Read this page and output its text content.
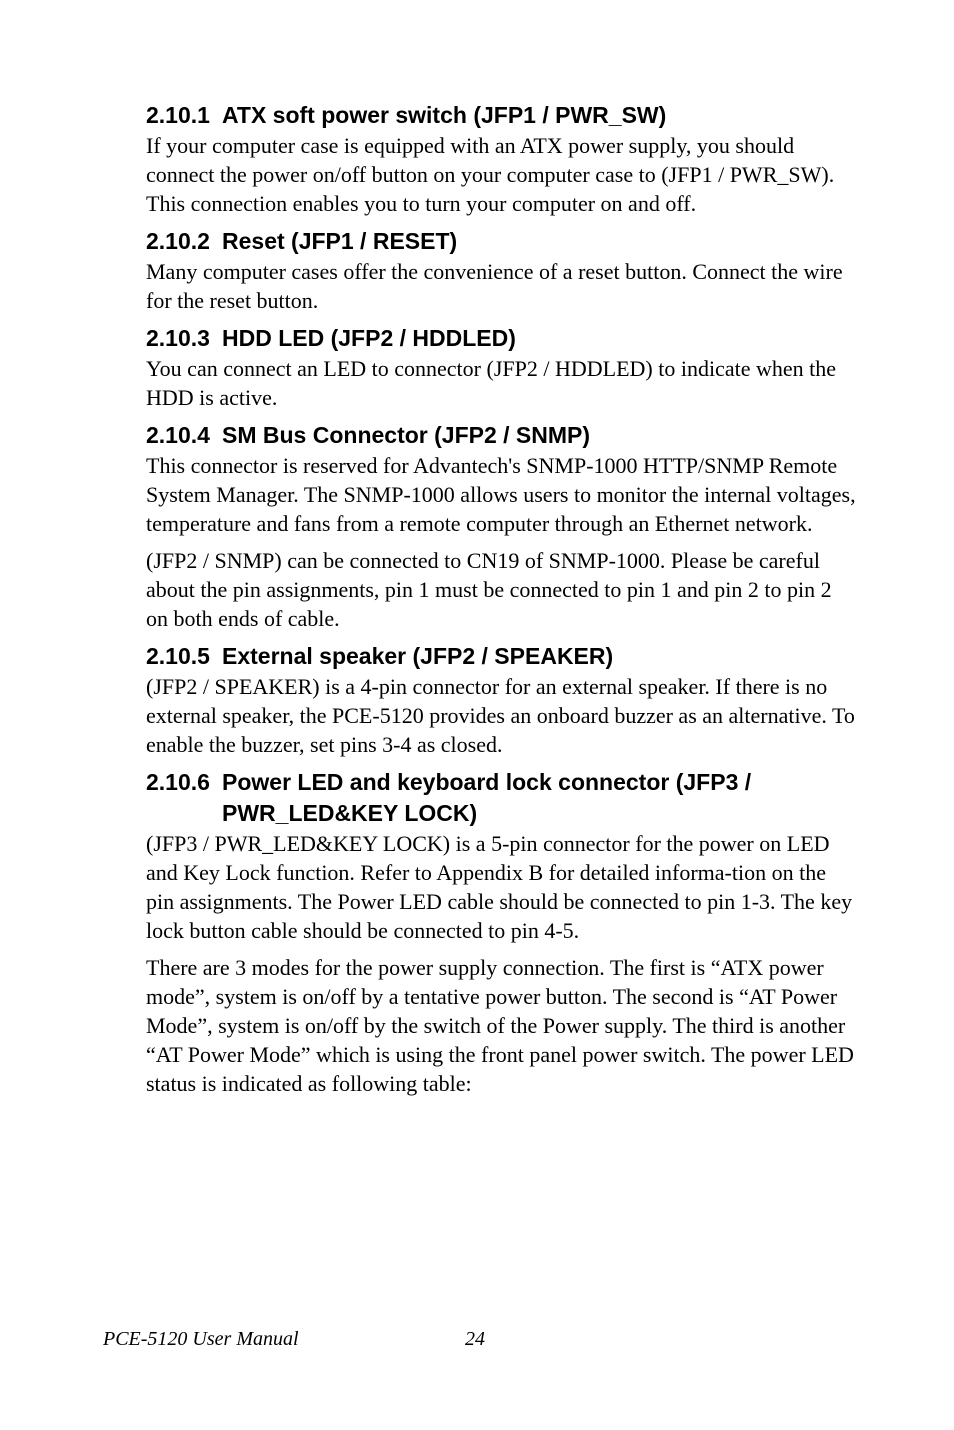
2.10.1 ATX soft power switch (JFP1 / PWR_SW)

If your computer case is equipped with an ATX power supply, you should connect the power on/off button on your computer case to (JFP1 / PWR_SW). This connection enables you to turn your computer on and off.

2.10.2 Reset (JFP1 / RESET)

Many computer cases offer the convenience of a reset button. Connect the wire for the reset button.

2.10.3 HDD LED (JFP2 / HDDLED)

You can connect an LED to connector (JFP2 / HDDLED) to indicate when the HDD is active.

2.10.4 SM Bus Connector (JFP2 / SNMP)

This connector is reserved for Advantech's SNMP-1000 HTTP/SNMP Remote System Manager. The SNMP-1000 allows users to monitor the internal voltages, temperature and fans from a remote computer through an Ethernet network.

(JFP2 / SNMP) can be connected to CN19 of SNMP-1000. Please be careful about the pin assignments, pin 1 must be connected to pin 1 and pin 2 to pin 2 on both ends of cable.

2.10.5 External speaker (JFP2 / SPEAKER)

(JFP2 / SPEAKER) is a 4-pin connector for an external speaker. If there is no external speaker, the PCE-5120 provides an onboard buzzer as an alternative. To enable the buzzer, set pins 3-4 as closed.

2.10.6 Power LED and keyboard lock connector (JFP3 / PWR_LED&KEY LOCK)

(JFP3 / PWR_LED&KEY LOCK) is a 5-pin connector for the power on LED and Key Lock function. Refer to Appendix B for detailed informa-tion on the pin assignments. The Power LED cable should be connected to pin 1-3. The key lock button cable should be connected to pin 4-5.

There are 3 modes for the power supply connection. The first is “ATX power mode”, system is on/off by a tentative power button. The second is “AT Power Mode”, system is on/off by the switch of the Power supply. The third is another “AT Power Mode” which is using the front panel power switch. The power LED status is indicated as following table:

PCE-5120 User Manual	24
